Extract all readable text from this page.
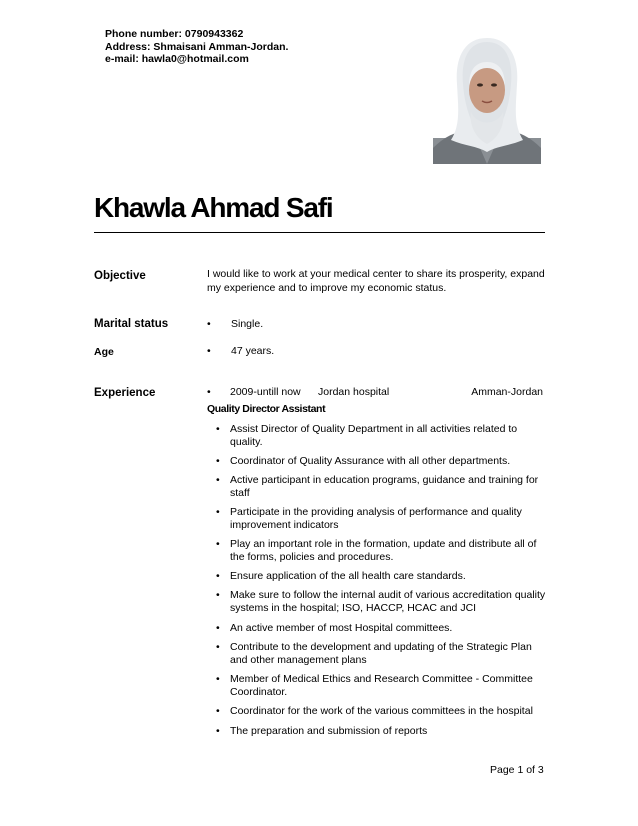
Phone number: 0790943362
Address: Shmaisani Amman-Jordan.
e-mail: hawla0@hotmail.com
Khawla Ahmad Safi
Objective	I would like to work at your medical center to share its prosperity, expand my experience and to improve my economic status.
Marital status	• Single.
Age	• 47 years.
Experience	• 2009-untill now Jordan hospital	Amman-Jordan
Quality Director Assistant
• Assist Director of Quality Department in all activities related to quality.
• Coordinator of Quality Assurance with all other departments.
• Active participant in education programs, guidance and training for staff
• Participate in the providing analysis of performance and quality improvement indicators
• Play an important role in the formation, update and distribute all of the forms, policies and procedures.
• Ensure application of the all health care standards.
• Make sure to follow the internal audit of various accreditation quality systems in the hospital; ISO, HACCP, HCAC and JCI
• An active member of most Hospital committees.
• Contribute to the development and updating of the Strategic Plan and other management plans
• Member of Medical Ethics and Research Committee - Committee Coordinator.
• Coordinator for the work of the various committees in the hospital
• The preparation and submission of reports
Page 1 of 3
